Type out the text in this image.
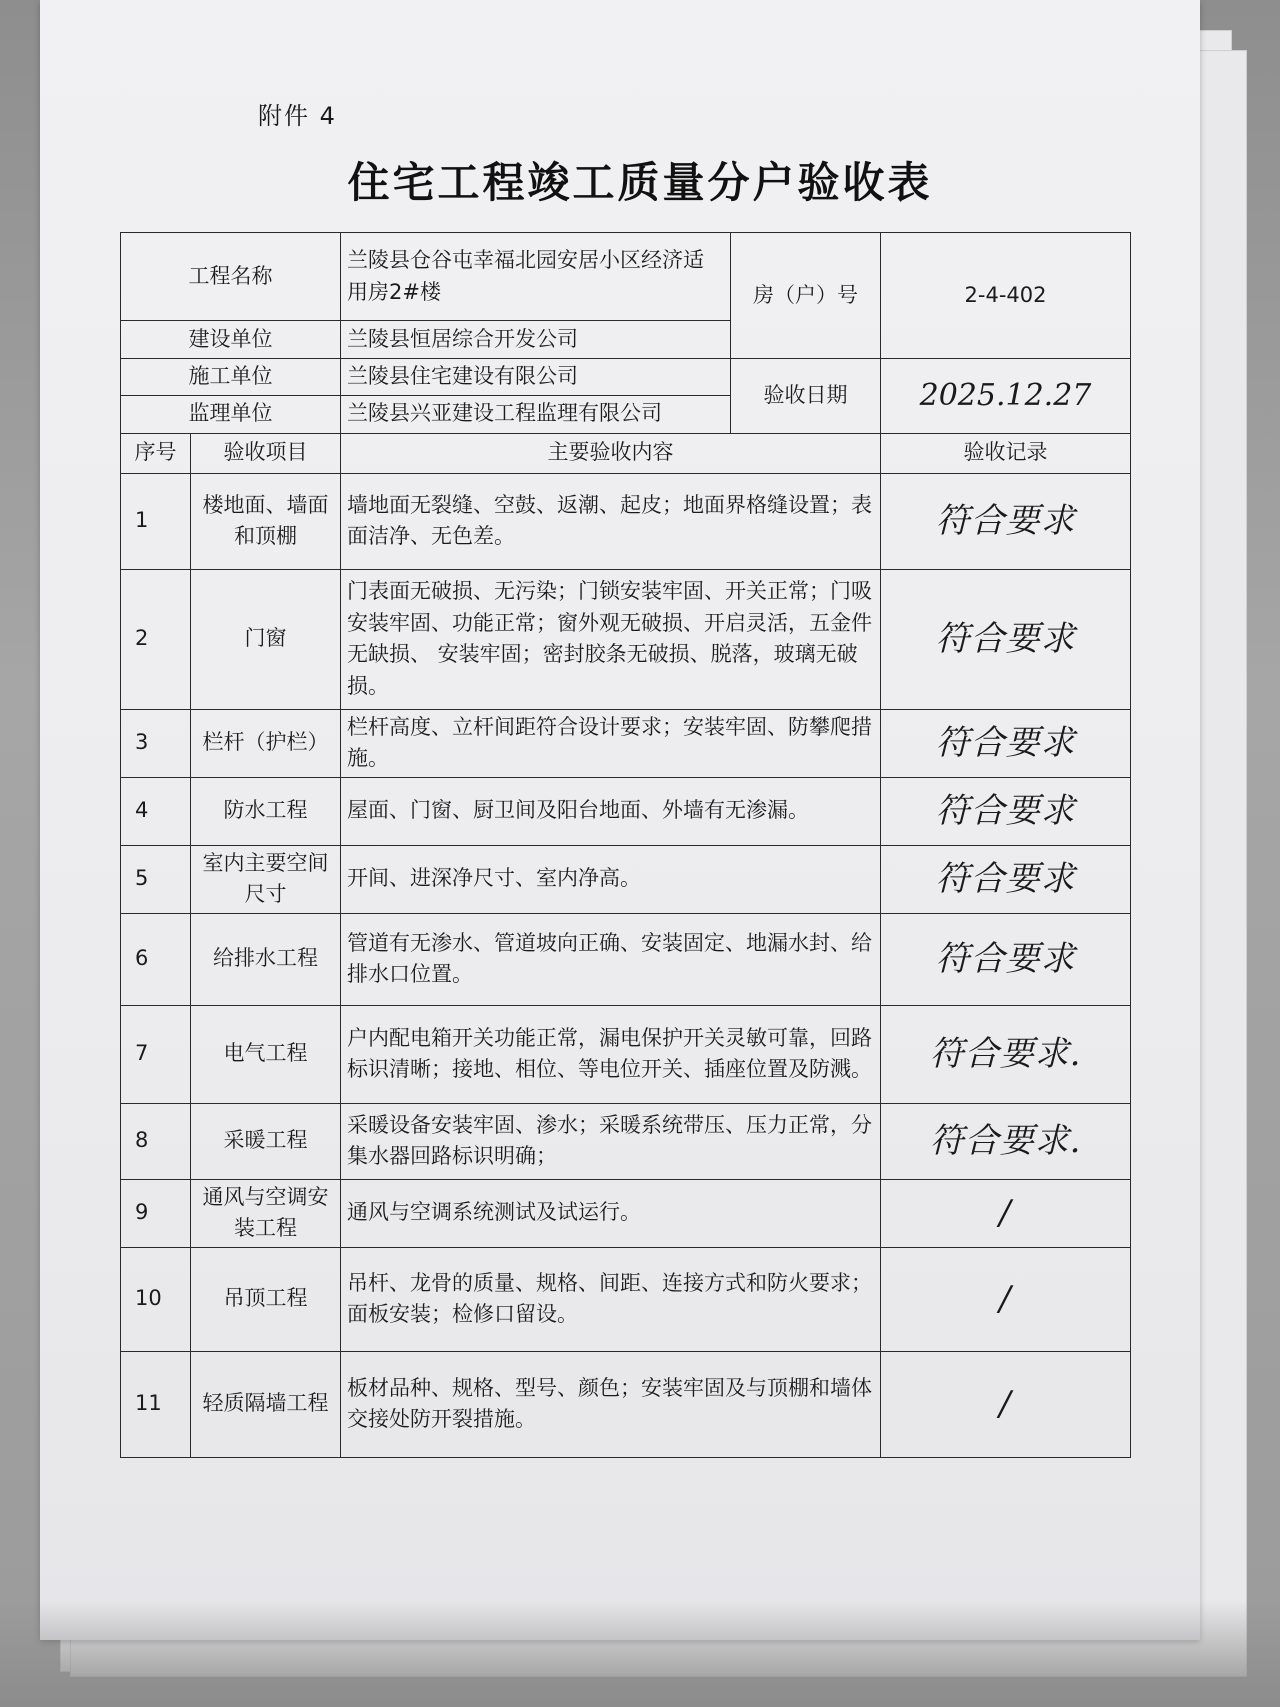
附件 4
住宅工程竣工质量分户验收表
工程名称		兰陵县仓谷屯幸福北园安居小区经济适用房2#楼	房（户）号	2-4-402
建设单位		兰陵县恒居综合开发公司		
施工单位		兰陵县住宅建设有限公司	验收日期	2025.12.27
监理单位		兰陵县兴亚建设工程监理有限公司		
序号	验收项目	主要验收内容		验收记录
1	楼地面、墙面和顶棚	墙地面无裂缝、空鼓、返潮、起皮；地面界格缝设置；表面洁净、无色差。		符合要求
2	门窗	门表面无破损、无污染；门锁安装牢固、开关正常；门吸安装牢固、功能正常；窗外观无破损、开启灵活，五金件无缺损、 安装牢固；密封胶条无破损、脱落，玻璃无破损。		符合要求
3	栏杆（护栏）	栏杆高度、立杆间距符合设计要求；安装牢固、防攀爬措施。		符合要求
4	防水工程	屋面、门窗、厨卫间及阳台地面、外墙有无渗漏。		符合要求
5	室内主要空间尺寸	开间、进深净尺寸、室内净高。		符合要求
6	给排水工程	管道有无渗水、管道坡向正确、安装固定、地漏水封、给排水口位置。		符合要求
7	电气工程	户内配电箱开关功能正常，漏电保护开关灵敏可靠，回路标识清晰；接地、相位、等电位开关、插座位置及防溅。		符合要求.
8	采暖工程	采暖设备安装牢固、渗水；采暖系统带压、压力正常，分集水器回路标识明确；		符合要求.
9	通风与空调安装工程	通风与空调系统测试及试运行。		/
10	吊顶工程	吊杆、龙骨的质量、规格、间距、连接方式和防火要求；面板安装；检修口留设。		/
11	轻质隔墙工程	板材品种、规格、型号、颜色；安装牢固及与顶棚和墙体交接处防开裂措施。		/
